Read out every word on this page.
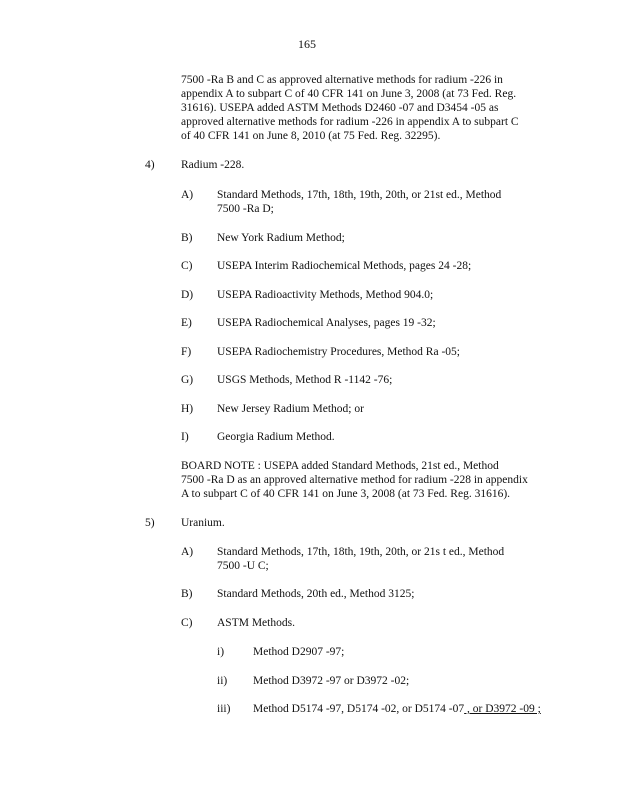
165
7500 -Ra B and C as approved alternative methods for radium -226 in
appendix A to subpart C of 40 CFR 141 on June 3, 2008 (at 73 Fed. Reg.
31616). USEPA added ASTM Methods D2460 -07 and D3454 -05 as
approved alternative methods for radium -226 in appendix A to subpart C
of 40 CFR 141 on June 8, 2010 (at 75 Fed. Reg. 32295).
4) Radium -228.
A) Standard Methods, 17th, 18th, 19th, 20th, or 21st ed., Method
7500 -Ra D;
B) New York Radium Method;
C) USEPA Interim Radiochemical Methods, pages 24 -28;
D) USEPA Radioactivity Methods, Method 904.0;
E) USEPA Radiochemical Analyses, pages 19 -32;
F) USEPA Radiochemistry Procedures, Method Ra -05;
G) USGS Methods, Method R -1142 -76;
H) New Jersey Radium Method; or
I) Georgia Radium Method.
BOARD NOTE : USEPA added Standard Methods, 21st ed., Method
7500 -Ra D as an approved alternative method for radium -228 in appendix
A to subpart C of 40 CFR 141 on June 3, 2008 (at 73 Fed. Reg. 31616).
5) Uranium.
A) Standard Methods, 17th, 18th, 19th, 20th, or 21s t ed., Method
7500 -U C;
B) Standard Methods, 20th ed., Method 3125;
C) ASTM Methods.
i)	Method D2907 -97;
ii) Method D3972 -97 or D3972 -02;
iii) Method D5174 -97, D5174 -02, or D5174 -07 , or D3972 -09 ;
